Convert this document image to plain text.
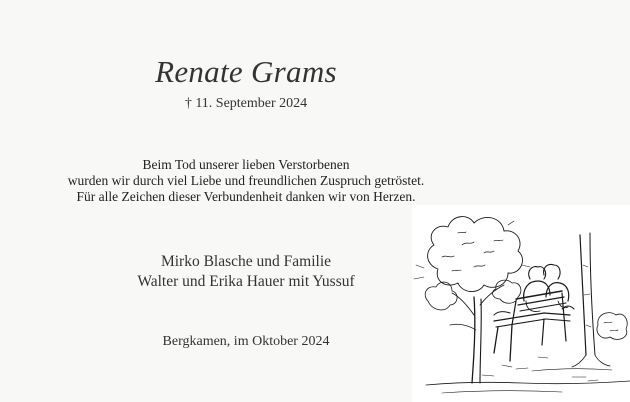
Renate Grams
† 11. September 2024
Beim Tod unserer lieben Verstorbenen
wurden wir durch viel Liebe und freundlichen Zuspruch getröstet.
Für alle Zeichen dieser Verbundenheit danken wir von Herzen.
Mirko Blasche und Familie
Walter und Erika Hauer mit Yussuf
Bergkamen, im Oktober 2024
